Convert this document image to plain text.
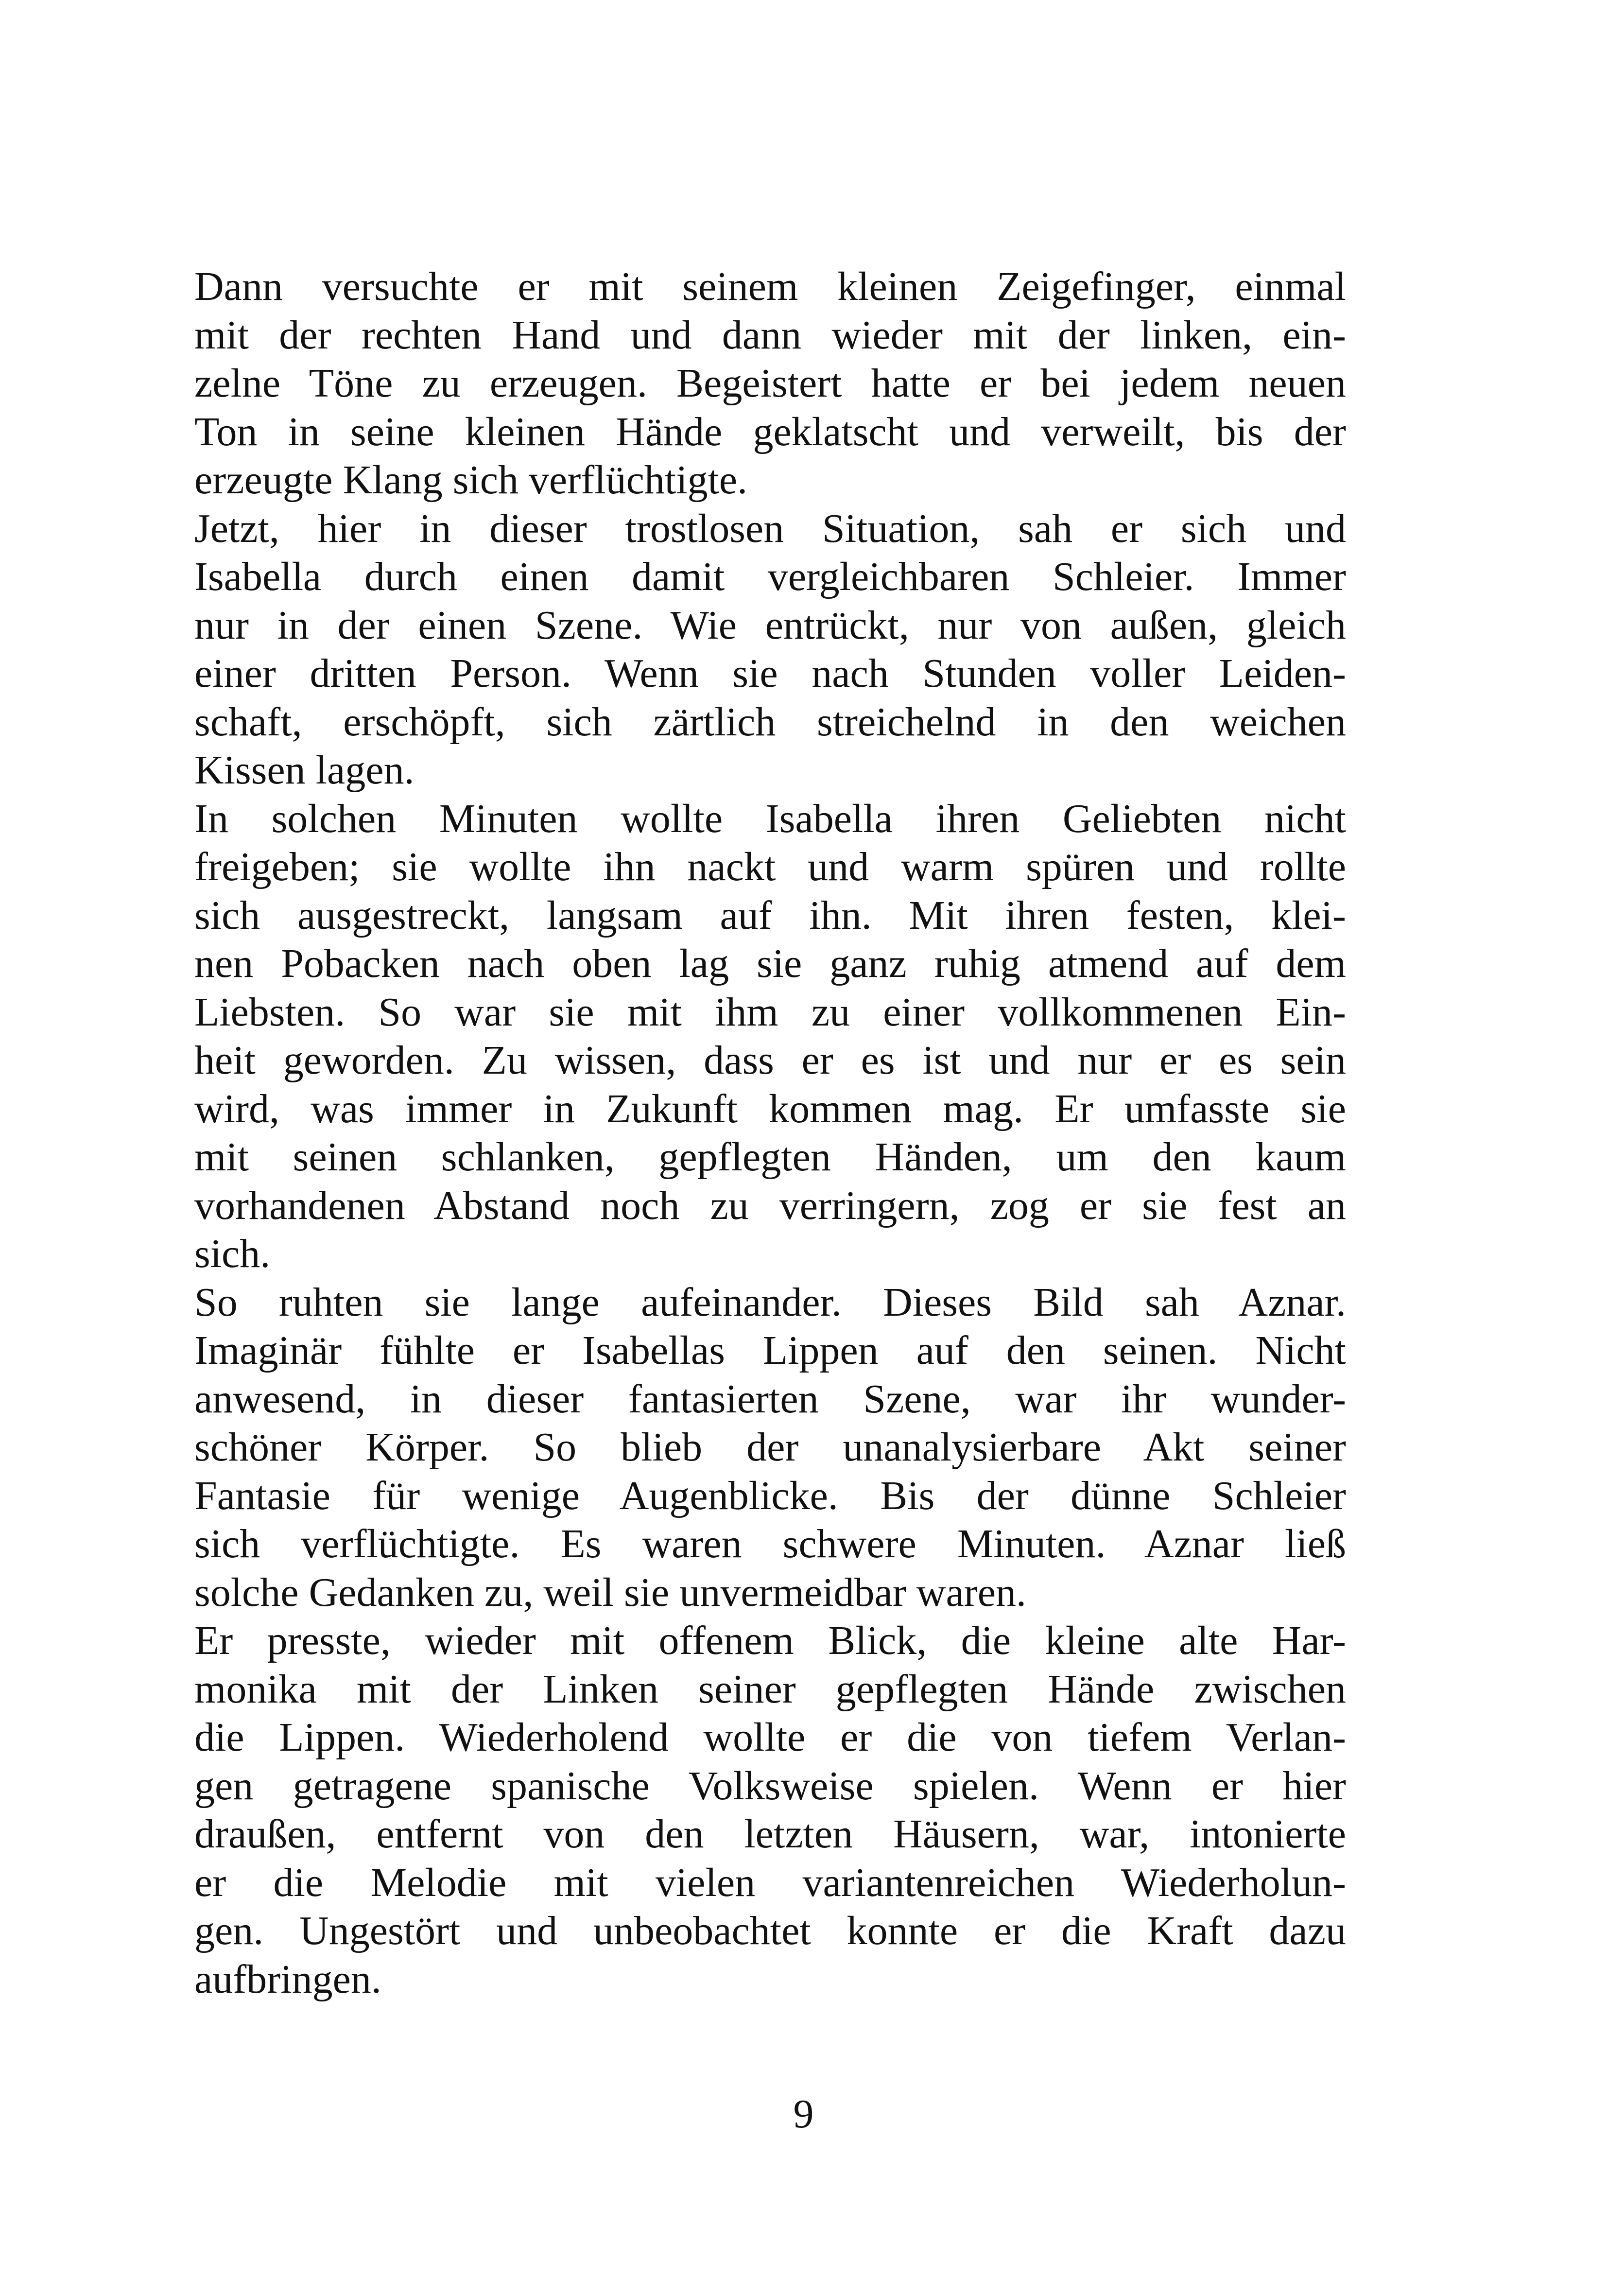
Dann versuchte er mit seinem kleinen Zeigefinger, einmal
mit der rechten Hand und dann wieder mit der linken, ein-
zelne Töne zu erzeugen. Begeistert hatte er bei jedem neuen
Ton in seine kleinen Hände geklatscht und verweilt, bis der
erzeugte Klang sich verflüchtigte.
Jetzt, hier in dieser trostlosen Situation, sah er sich und
Isabella durch einen damit vergleichbaren Schleier. Immer
nur in der einen Szene. Wie entrückt, nur von außen, gleich
einer dritten Person. Wenn sie nach Stunden voller Leiden-
schaft, erschöpft, sich zärtlich streichelnd in den weichen
Kissen lagen.
In solchen Minuten wollte Isabella ihren Geliebten nicht
freigeben; sie wollte ihn nackt und warm spüren und rollte
sich ausgestreckt, langsam auf ihn. Mit ihren festen, klei-
nen Pobacken nach oben lag sie ganz ruhig atmend auf dem
Liebsten. So war sie mit ihm zu einer vollkommenen Ein-
heit geworden. Zu wissen, dass er es ist und nur er es sein
wird, was immer in Zukunft kommen mag. Er umfasste sie
mit seinen schlanken, gepflegten Händen, um den kaum
vorhandenen Abstand noch zu verringern, zog er sie fest an
sich.
So ruhten sie lange aufeinander. Dieses Bild sah Aznar.
Imaginär fühlte er Isabellas Lippen auf den seinen. Nicht
anwesend, in dieser fantasierten Szene, war ihr wunder-
schöner Körper. So blieb der unanalysierbare Akt seiner
Fantasie für wenige Augenblicke. Bis der dünne Schleier
sich verflüchtigte. Es waren schwere Minuten. Aznar ließ
solche Gedanken zu, weil sie unvermeidbar waren.
Er presste, wieder mit offenem Blick, die kleine alte Har-
monika mit der Linken seiner gepflegten Hände zwischen
die Lippen. Wiederholend wollte er die von tiefem Verlan-
gen getragene spanische Volksweise spielen. Wenn er hier
draußen, entfernt von den letzten Häusern, war, intonierte
er die Melodie mit vielen variantenreichen Wiederholun-
gen. Ungestört und unbeobachtet konnte er die Kraft dazu
aufbringen.
9
